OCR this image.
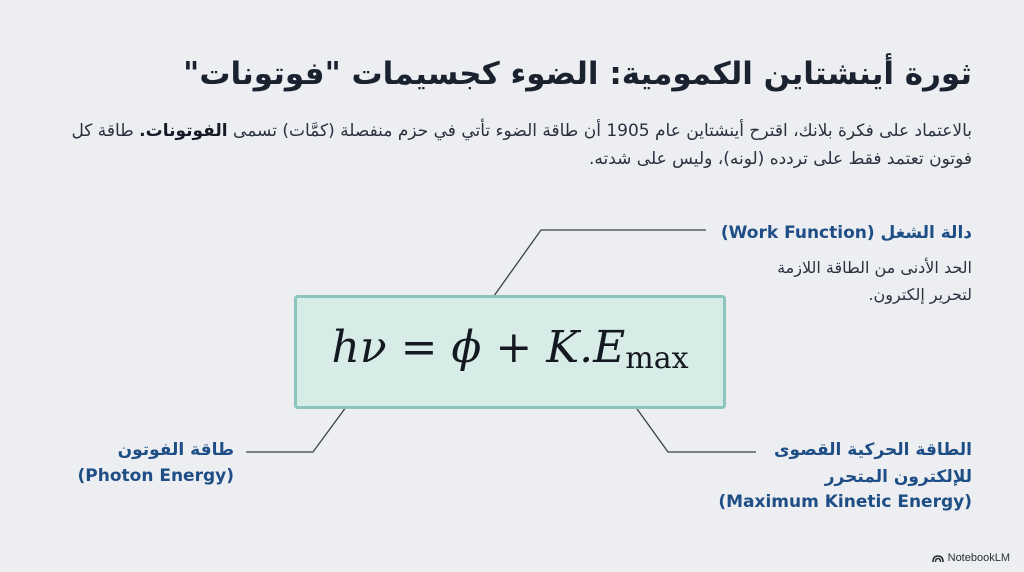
ثورة أينشتاين الكمومية: الضوء كجسيمات "فوتونات"
بالاعتماد على فكرة بلانك، اقترح أينشتاين عام 1905 أن طاقة الضوء تأتي في حزم منفصلة (كمَّات) تسمى الفوتونات. طاقة كل فوتون تعتمد فقط على تردده (لونه)، وليس على شدته.
$h\nu = \phi + K.E_{max}$
دالة الشغل (Work Function)
الحد الأدنى من الطاقة اللازمة
لتحرير إلكترون.
طاقة الفوتون
(Photon Energy)
الطاقة الحركية القصوى
للإلكترون المتحرر
(Maximum Kinetic Energy)
NotebookLM
